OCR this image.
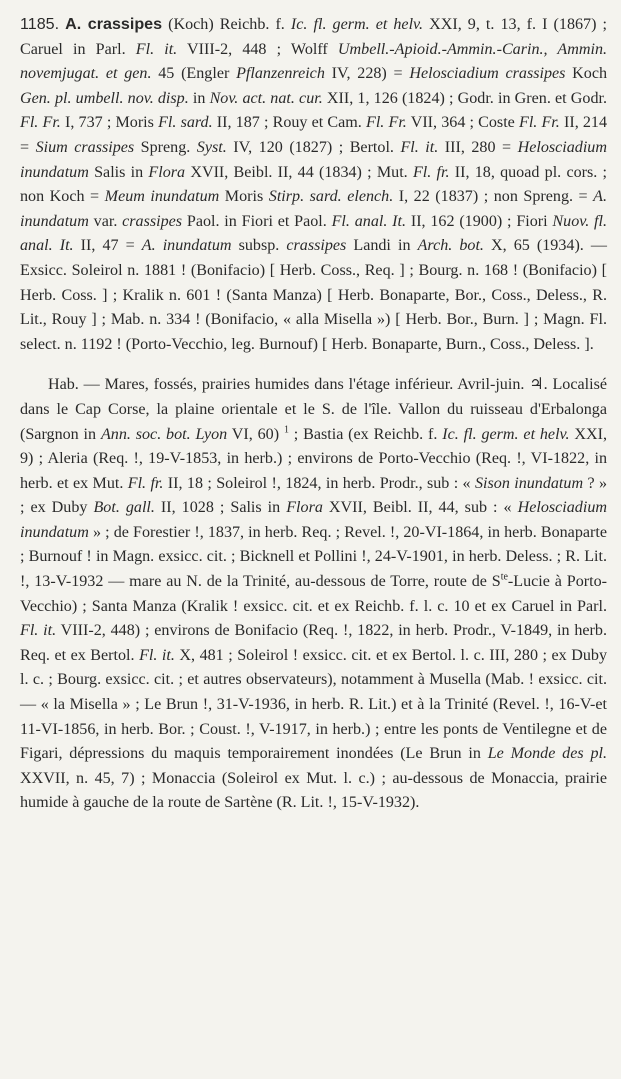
1185. A. crassipes (Koch) Reichb. f. Ic. fl. germ. et helv. XXI, 9, t. 13, f. I (1867) ; Caruel in Parl. Fl. it. VIII-2, 448 ; Wolff Umbell.-Apioid.-Ammin.-Carin., Ammin. novemjugat. et gen. 45 (Engler Pflanzenreich IV, 228) = Helosciadium crassipes Koch Gen. pl. umbell. nov. disp. in Nov. act. nat. cur. XII, 1, 126 (1824) ; Godr. in Gren. et Godr. Fl. Fr. I, 737 ; Moris Fl. sard. II, 187 ; Rouy et Cam. Fl. Fr. VII, 364 ; Coste Fl. Fr. II, 214 = Sium crassipes Spreng. Syst. IV, 120 (1827) ; Bertol. Fl. it. III, 280 = Helosciadium inundatum Salis in Flora XVII, Beibl. II, 44 (1834) ; Mut. Fl. fr. II, 18, quoad pl. cors. ; non Koch = Meum inundatum Moris Stirp. sard. elench. I, 22 (1837) ; non Spreng. = A. inundatum var. crassipes Paol. in Fiori et Paol. Fl. anal. It. II, 162 (1900) ; Fiori Nuov. fl. anal. It. II, 47 = A. inundatum subsp. crassipes Landi in Arch. bot. X, 65 (1934). — Exsicc. Soleirol n. 1881 ! (Bonifacio) [ Herb. Coss., Req. ] ; Bourg. n. 168 ! (Bonifacio) [ Herb. Coss. ] ; Kralik n. 601 ! (Santa Manza) [ Herb. Bonaparte, Bor., Coss., Deless., R. Lit., Rouy ] ; Mab. n. 334 ! (Bonifacio, « alla Misella ») [ Herb. Bor., Burn. ] ; Magn. Fl. select. n. 1192 ! (Porto-Vecchio, leg. Burnouf) [ Herb. Bonaparte, Burn., Coss., Deless. ].

Hab. — Mares, fossés, prairies humides dans l'étage inférieur. Avril-juin. ♃. Localisé dans le Cap Corse, la plaine orientale et le S. de l'île. Vallon du ruisseau d'Erbalonga (Sargnon in Ann. soc. bot. Lyon VI, 60) $^1$ ; Bastia (ex Reichb. f. Ic. fl. germ. et helv. XXI, 9) ; Aleria (Req. !, 19-V-1853, in herb.) ; environs de Porto-Vecchio (Req. !, VI-1822, in herb. et ex Mut. Fl. fr. II, 18 ; Soleirol !, 1824, in herb. Prodr., sub : « Sison inundatum ? » ; ex Duby Bot. gall. II, 1028 ; Salis in Flora XVII, Beibl. II, 44, sub : « Helosciadium inundatum » ; de Forestier !, 1837, in herb. Req. ; Revel. !, 20-VI-1864, in herb. Bonaparte ; Burnouf ! in Magn. exsicc. cit. ; Bicknell et Pollini !, 24-V-1901, in herb. Deless. ; R. Lit. !, 13-V-1932 — mare au N. de la Trinité, au-dessous de Torre, route de $S^{te}$-Lucie à Porto-Vecchio) ; Santa Manza (Kralik ! exsicc. cit. et ex Reichb. f. l. c. 10 et ex Caruel in Parl. Fl. it. VIII-2, 448) ; environs de Bonifacio (Req. !, 1822, in herb. Prodr., V-1849, in herb. Req. et ex Bertol. Fl. it. X, 481 ; Soleirol ! exsicc. cit. et ex Bertol. l. c. III, 280 ; ex Duby l. c. ; Bourg. exsicc. cit. ; et autres observateurs), notamment à Musella (Mab. ! exsicc. cit. — « la Misella » ; Le Brun !, 31-V-1936, in herb. R. Lit.) et à la Trinité (Revel. !, 16-V-et 11-VI-1856, in herb. Bor. ; Coust. !, V-1917, in herb.) ; entre les ponts de Ventilegne et de Figari, dépressions du maquis temporairement inondées (Le Brun in Le Monde des pl. XXVII, n. 45, 7) ; Monaccia (Soleirol ex Mut. l. c.) ; au-dessous de Monaccia, prairie humide à gauche de la route de Sartène (R. Lit. !, 15-V-1932).
